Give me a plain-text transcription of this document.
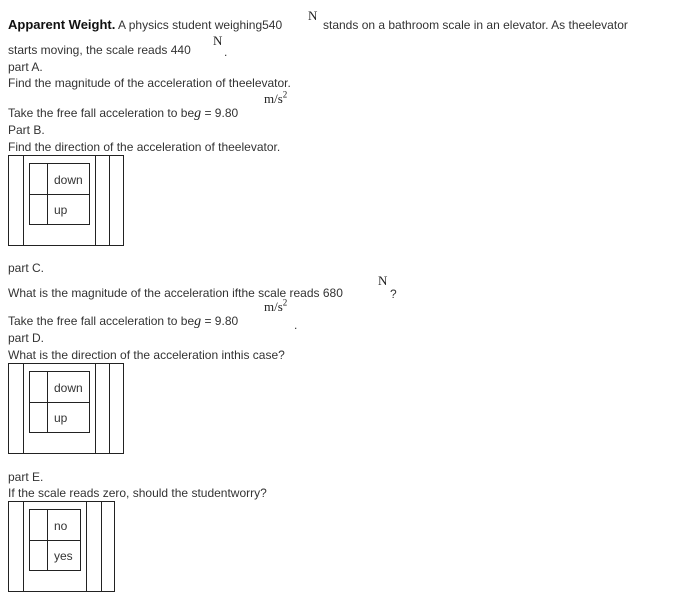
Apparent Weight. A physics student weighing540
N
stands on a bathroom scale in an elevator. As theelevator
starts moving, the scale reads 440
N
.
part A.
Find the magnitude of the acceleration of theelevator.
$m/s^2$
Take the free fall acceleration to beg = 9.80
Part B.
Find the direction of the acceleration of theelevator.
down
up
part C.
What is the magnitude of the acceleration ifthe scale reads 680
N
?
$m/s^2$
Take the free fall acceleration to beg = 9.80	.
part D.
What is the direction of the acceleration inthis case?
down
up
part E.
If the scale reads zero, should the studentworry?
no
yes
